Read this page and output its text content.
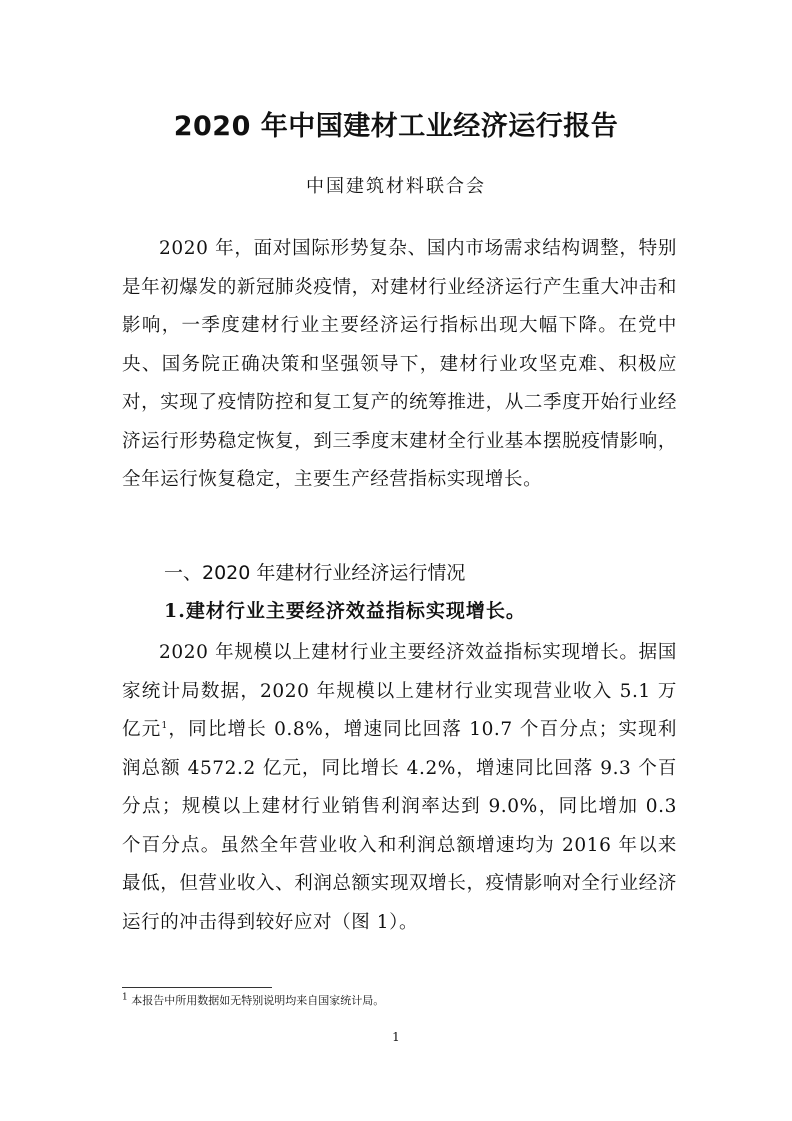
2020 年中国建材工业经济运行报告

中国建筑材料联合会

2020 年，面对国际形势复杂、国内市场需求结构调整，特别是年初爆发的新冠肺炎疫情，对建材行业经济运行产生重大冲击和影响，一季度建材行业主要经济运行指标出现大幅下降。在党中央、国务院正确决策和坚强领导下，建材行业攻坚克难、积极应对，实现了疫情防控和复工复产的统筹推进，从二季度开始行业经济运行形势稳定恢复，到三季度末建材全行业基本摆脱疫情影响，全年运行恢复稳定，主要生产经营指标实现增长。

一、2020 年建材行业经济运行情况

1.建材行业主要经济效益指标实现增长。

2020 年规模以上建材行业主要经济效益指标实现增长。据国家统计局数据，2020 年规模以上建材行业实现营业收入 5.1 万亿元$^1$，同比增长 0.8%，增速同比回落 10.7 个百分点；实现利润总额 4572.2 亿元，同比增长 4.2%，增速同比回落 9.3 个百分点；规模以上建材行业销售利润率达到 9.0%，同比增加 0.3 个百分点。虽然全年营业收入和利润总额增速均为 2016 年以来最低，但营业收入、利润总额实现双增长，疫情影响对全行业经济运行的冲击得到较好应对（图 1）。

$^1$ 本报告中所用数据如无特别说明均来自国家统计局。

1
